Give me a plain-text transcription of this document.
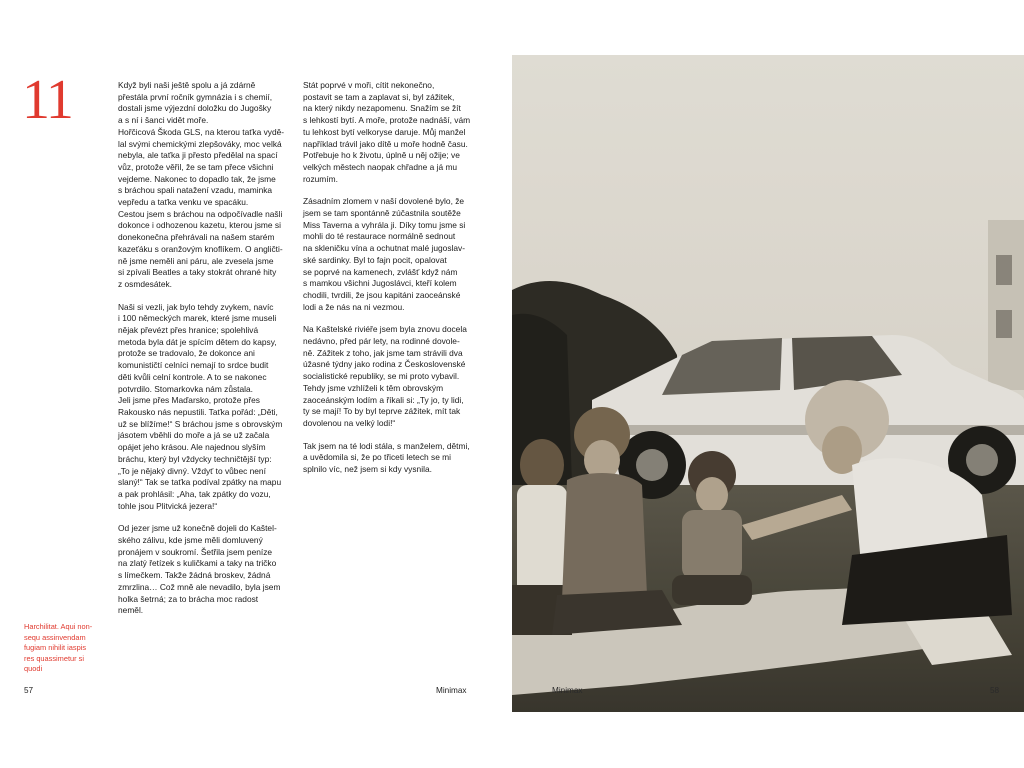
11	Když byli naši ještě spolu a já zdárně
přestála první ročník gymnázia i s chemií,
dostali jsme výjezdní doložku do Jugošky
a s ní i šanci vidět moře.
Hořčicová Škoda GLS, na kterou taťka vydě-
lal svými chemickými zlepšováky, moc velká
nebyla, ale taťka ji přesto předělal na spací
vůz, protože věřil, že se tam přece všichni
vejdeme. Nakonec to dopadlo tak, že jsme
s bráchou spali natažení vzadu, maminka
vepředu a taťka venku ve spacáku.
Cestou jsem s bráchou na odpočívadle našli
dokonce i odhozenou kazetu, kterou jsme si
donekonečna přehrávali na našem starém
kazeťáku s oranžovým knoflíkem. O angličti-
ně jsme neměli ani páru, ale zvesela jsme
si zpívali Beatles a taky stokrát ohrané hity
z osmdesátek.

Naši si vezli, jak bylo tehdy zvykem, navíc
i 100 německých marek, které jsme museli
nějak převézt přes hranice; spolehlivá
metoda byla dát je spícím dětem do kapsy,
protože se tradovalo, že dokonce ani
komunističtí celníci nemají to srdce budit
děti kvůli celní kontrole. A to se nakonec
potvrdilo. Stomarkovka nám zůstala.
Jeli jsme přes Maďarsko, protože přes
Rakousko nás nepustili. Taťka pořád: „Děti,
už se blížíme!“ S bráchou jsme s obrovským
jásotem vběhli do moře a já se už začala
opájet jeho krásou. Ale najednou slyším
bráchu, který byl vždycky techničtější typ:
„To je nějaký divný. Vždyť to vůbec není
slaný!“ Tak se taťka podíval zpátky na mapu
a pak prohlásil: „Aha, tak zpátky do vozu,
tohle jsou Plitvická jezera!“

Od jezer jsme už konečně dojeli do Kaštel-
ského zálivu, kde jsme měli domluvený
pronájem v soukromí. Šetřila jsem peníze
na zlatý řetízek s kuličkami a taky na tričko
s límečkem. Takže žádná broskev, žádná
zmrzlina… Což mně ale nevadilo, byla jsem
holka šetrná; za to brácha moc radost
neměl.

Stát poprvé v moři, cítit nekonečno,
postavit se tam a zaplavat si, byl zážitek,
na který nikdy nezapomenu. Snažím se žít
s lehkostí bytí. A moře, protože nadnáší, vám
tu lehkost bytí velkoryse daruje. Můj manžel
například trávil jako dítě u moře hodně času.
Potřebuje ho k životu, úplně u něj ožije; ve
velkých městech naopak chřadne a já mu
rozumím.

Zásadním zlomem v naší dovolené bylo, že
jsem se tam spontánně zúčastnila soutěže
Miss Taverna a vyhrála ji. Díky tomu jsme si
mohli do té restaurace normálně sednout
na skleničku vína a ochutnat malé jugoslav-
ské sardinky. Byl to fajn pocit, opalovat
se poprvé na kamenech, zvlášť když nám
s mamkou všichni Jugoslávci, kteří kolem
chodili, tvrdili, že jsou kapitáni zaoceánské
lodi a že nás na ni vezmou.

Na Kaštelské riviéře jsem byla znovu docela
nedávno, před pár lety, na rodinné dovole-
ně. Zážitek z toho, jak jsme tam strávili dva
úžasné týdny jako rodina z Československé
socialistické republiky, se mi proto vybavil.
Tehdy jsme vzhlíželi k těm obrovským
zaoceánským lodím a říkali si: „Ty jo, ty lidi,
ty se mají! To by byl teprve zážitek, mít tak
dovolenou na velký lodi!“

Tak jsem na té lodi stála, s manželem, dětmi,
a uvědomila si, že po třiceti letech se mi
splnilo víc, než jsem si kdy vysnila.

Harchilitat. Aqui non-
sequ assinvendam
fugiam nihilit iaspis
res quassimetur si
quodi
57	Minimax	Minimax	58
